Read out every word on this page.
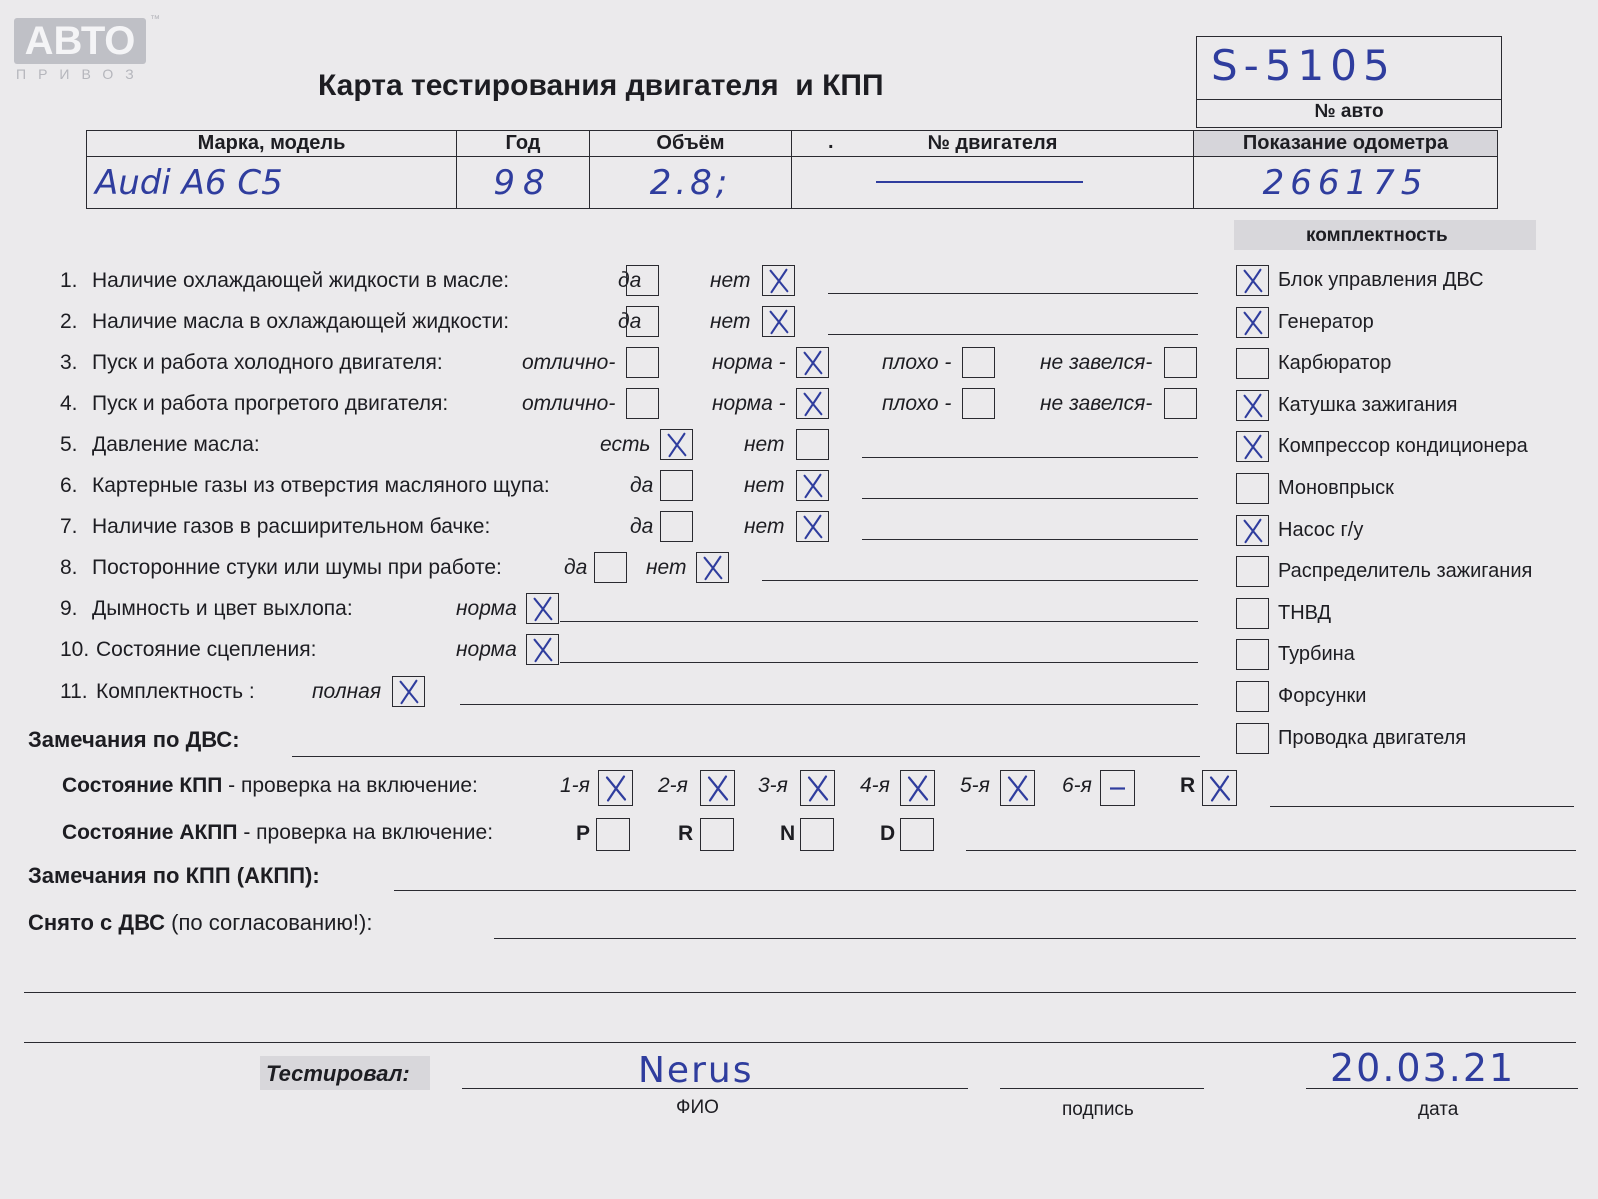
АВТО	™
ПРИВОЗ	Карта тестирования двигателя  и КПП	S-5105
№ авто
Марка, модель	Год	Объём	. № двигателя	Показание одометра
Audi A6 C5	98	2.8;		266175
комплектность
Блок управления ДВС
Генератор
Карбюратор
Катушка зажигания
Компрессор кондиционера
Моновпрыск
Насос г/у
Распределитель зажигания
ТНВД
Турбина
Форсунки
Проводка двигателя
1. Наличие охлаждающей жидкости в масле:	да	нет
2. Наличие масла в охлаждающей жидкости:	да	нет
3. Пуск и работа холодного двигателя:	отлично-	норма -	плохо -	не завелся-
4. Пуск и работа прогретого двигателя:	отлично-	норма -	плохо -	не завелся-
5. Давление масла:	есть	нет
6. Картерные газы из отверстия масляного щупа:	да	нет
7. Наличие газов в расширительном бачке:	да	нет
8. Посторонние стуки или шумы при работе:	да	нет
9. Дымность и цвет выхлопа:	норма
10. Состояние сцепления:	норма
11. Комплектность :	полная
Замечания по ДВС:
Состояние КПП - проверка на включение:	1-я	2-я	3-я	4-я	5-я	6-я	R
Состояние АКПП - проверка на включение:	P	R	N	D
Замечания по КПП (АКПП):
Снято с ДВС (по согласованию!):
Тестировал:	Nerus	20.03.21
ФИО	подпись	дата
